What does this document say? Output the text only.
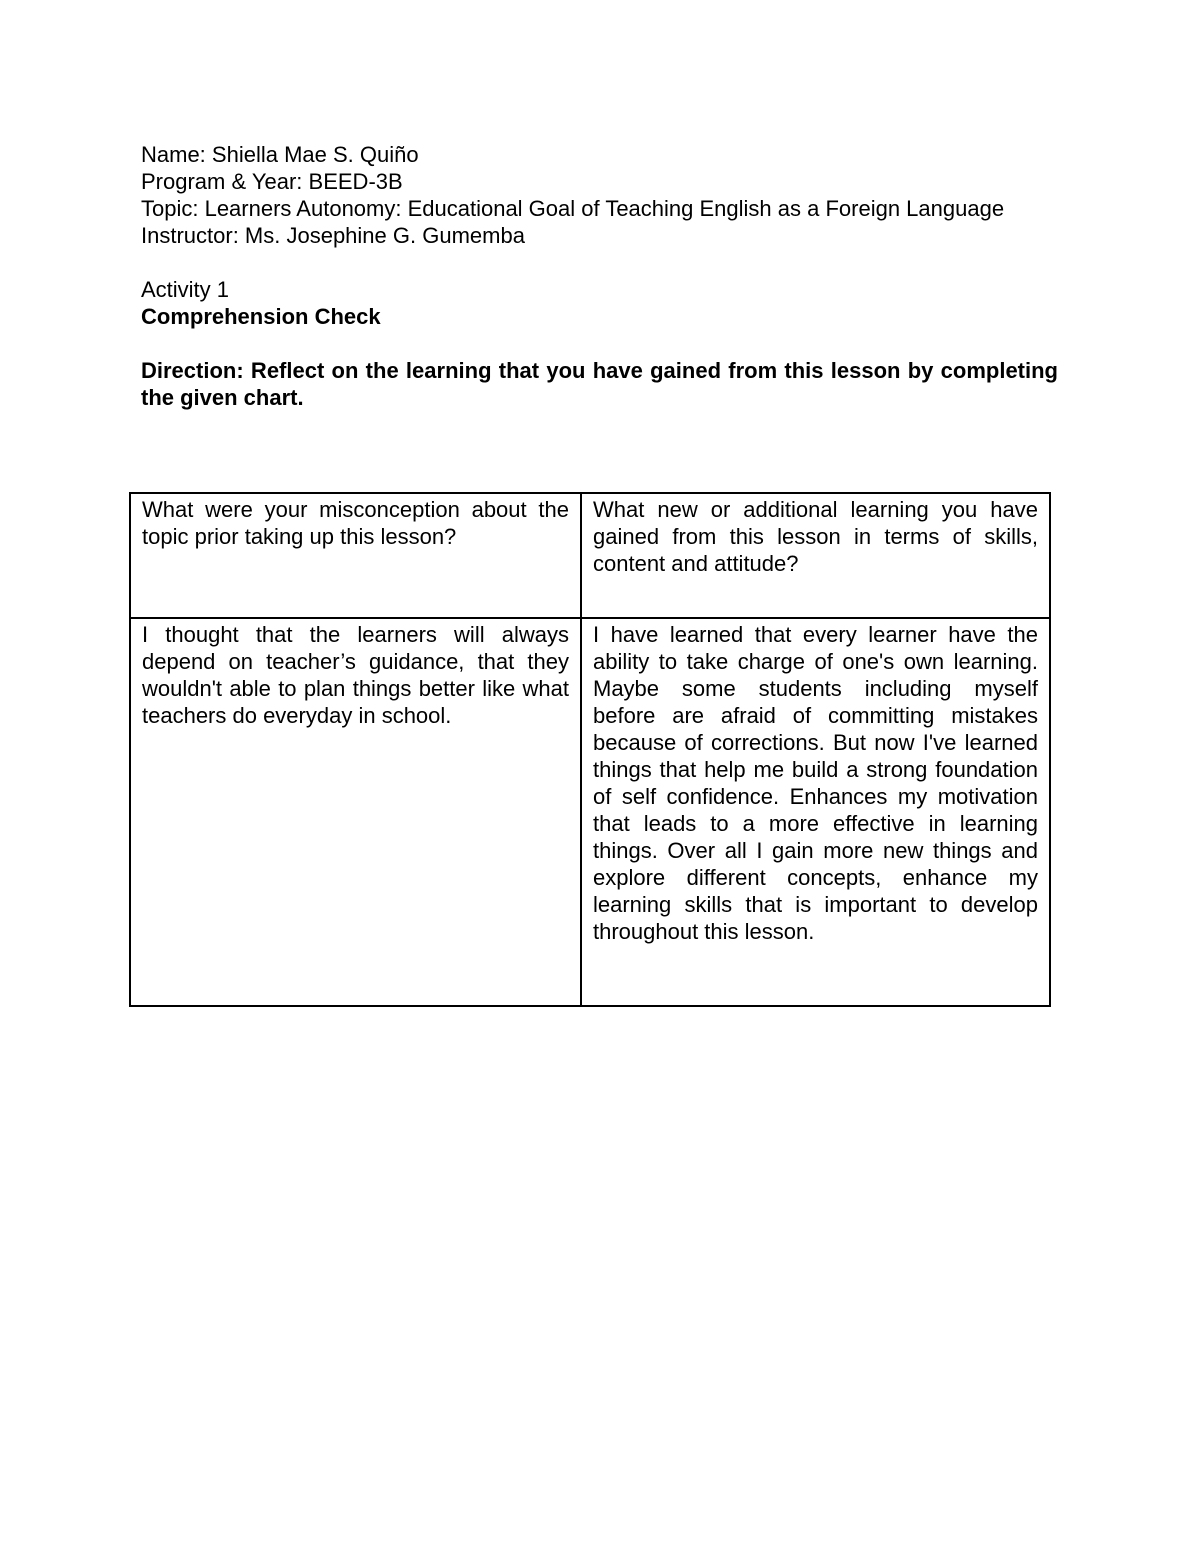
Name: Shiella Mae S. Quiño

Program & Year: BEED-3B

Topic: Learners Autonomy: Educational Goal of Teaching English as a Foreign Language

Instructor: Ms. Josephine G. Gumemba

Activity 1

Comprehension Check

Direction: Reflect on the learning that you have gained from this lesson by completing the given chart.

What were your misconception about the topic prior taking up this lesson?	What new or additional learning you have gained from this lesson in terms of skills, content and attitude?
I thought that the learners will always depend on teacher’s guidance, that they wouldn't able to plan things better like what teachers do everyday in school.	I have learned that every learner have the ability to take charge of one's own learning. Maybe some students including myself before are afraid of committing mistakes because of corrections. But now I've learned things that help me build a strong foundation of self confidence. Enhances my motivation that leads to a more effective in learning things. Over all I gain more new things and explore different concepts, enhance my learning skills that is important to develop throughout this lesson.
